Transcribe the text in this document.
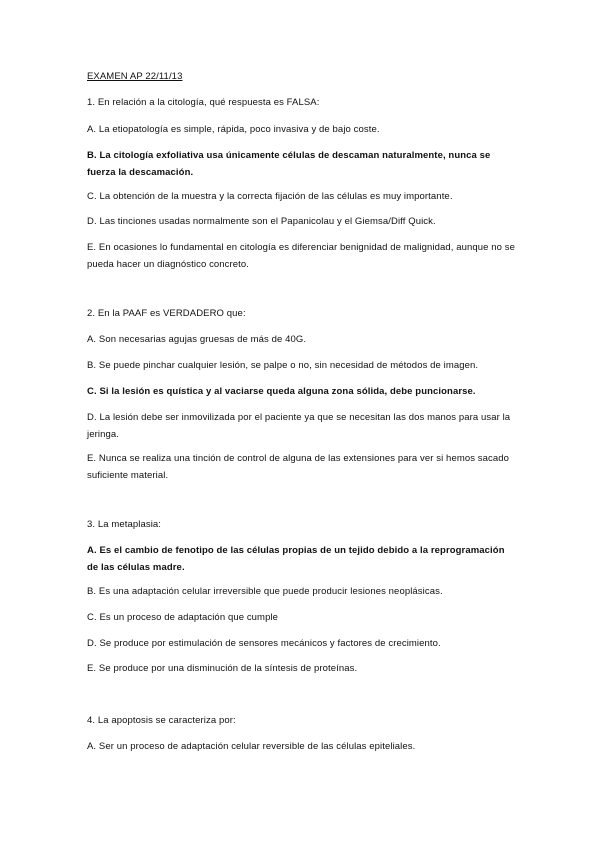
EXAMEN AP 22/11/13
1. En relación a la citología, qué respuesta es FALSA:
A. La etiopatología es simple, rápida, poco invasiva y de bajo coste.
B. La citología exfoliativa usa únicamente células de descaman naturalmente, nunca se fuerza la descamación.
C. La obtención de la muestra y la correcta fijación de las células es muy importante.
D. Las tinciones usadas normalmente son el Papanicolau y el Giemsa/Diff Quick.
E. En ocasiones lo fundamental en citología es diferenciar benignidad de malignidad, aunque no se pueda hacer un diagnóstico concreto.
2. En la PAAF es VERDADERO que:
A. Son necesarias agujas gruesas de más de 40G.
B. Se puede pinchar cualquier lesión, se palpe o no, sin necesidad de métodos de imagen.
C. Si la lesión es quística y al vaciarse queda alguna zona sólida, debe puncionarse.
D. La lesión debe ser inmovilizada por el paciente ya que se necesitan las dos manos para usar la jeringa.
E. Nunca se realiza una tinción de control de alguna de las extensiones para ver si hemos sacado suficiente material.
3. La metaplasia:
A. Es el cambio de fenotipo de las células propias de un tejido debido a la reprogramación de las células madre.
B. Es una adaptación celular irreversible que puede producir lesiones neoplásicas.
C. Es un proceso de adaptación que cumple
D. Se produce por estimulación de sensores mecánicos y factores de crecimiento.
E. Se produce por una disminución de la síntesis de proteínas.
4. La apoptosis se caracteriza por:
A. Ser un proceso de adaptación celular reversible de las células epiteliales.
